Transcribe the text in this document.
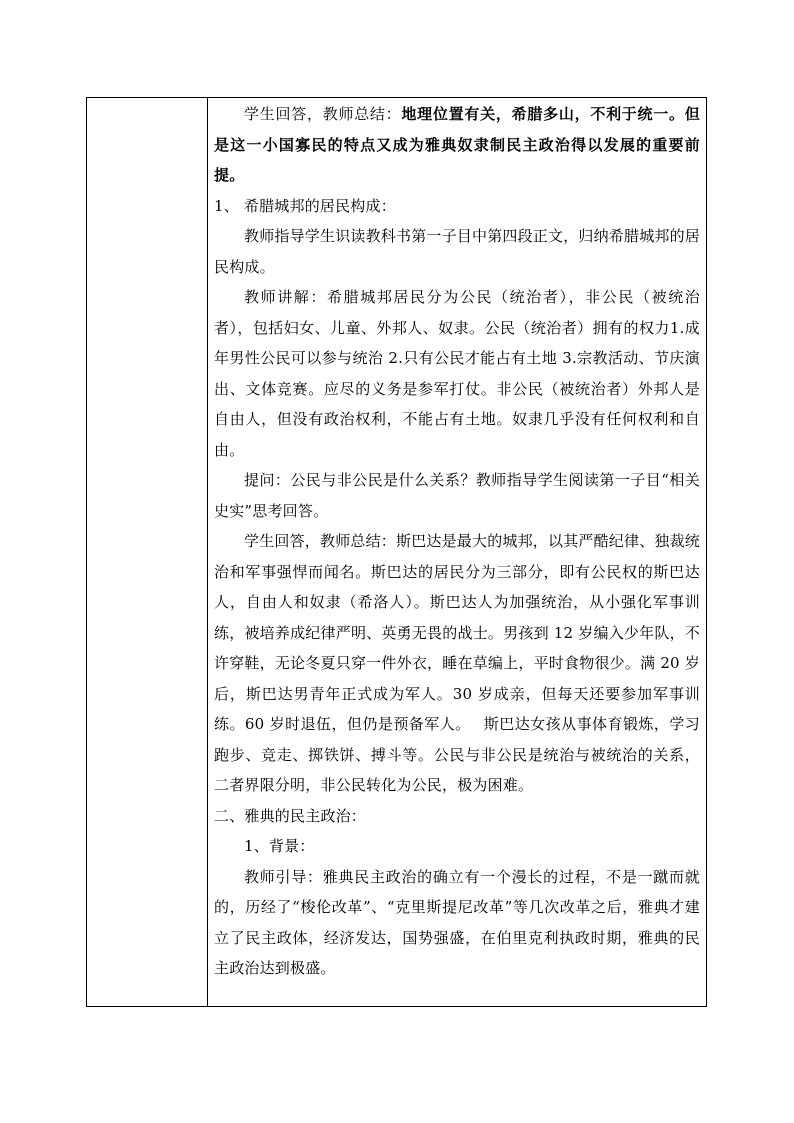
学生回答，教师总结：地理位置有关，希腊多山，不利于统一。但是这一小国寡民的特点又成为雅典奴隶制民主政治得以发展的重要前提。

1、 希腊城邦的居民构成：

教师指导学生识读教科书第一子目中第四段正文，归纳希腊城邦的居民构成。

教师讲解：希腊城邦居民分为公民（统治者），非公民（被统治者），包括妇女、儿童、外邦人、奴隶。公民（统治者）拥有的权力1.成年男性公民可以参与统治 2.只有公民才能占有土地 3.宗教活动、节庆演出、文体竞赛。应尽的义务是参军打仗。非公民（被统治者）外邦人是自由人，但没有政治权利，不能占有土地。奴隶几乎没有任何权利和自由。

提问：公民与非公民是什么关系？教师指导学生阅读第一子目“相关史实”思考回答。

学生回答，教师总结：斯巴达是最大的城邦，以其严酷纪律、独裁统治和军事强悍而闻名。斯巴达的居民分为三部分，即有公民权的斯巴达人，自由人和奴隶（希洛人）。斯巴达人为加强统治，从小强化军事训练，被培养成纪律严明、英勇无畏的战士。男孩到 12 岁编入少年队，不许穿鞋，无论冬夏只穿一件外衣，睡在草编上，平时食物很少。满 20 岁后，斯巴达男青年正式成为军人。30 岁成亲，但每天还要参加军事训练。60 岁时退伍，但仍是预备军人。　 斯巴达女孩从事体育锻炼，学习跑步、竞走、掷铁饼、搏斗等。公民与非公民是统治与被统治的关系，二者界限分明，非公民转化为公民，极为困难。

二、雅典的民主政治：

1、背景：

教师引导：雅典民主政治的确立有一个漫长的过程，不是一蹴而就的，历经了“梭伦改革”、“克里斯提尼改革”等几次改革之后，雅典才建立了民主政体，经济发达，国势强盛，在伯里克利执政时期，雅典的民主政治达到极盛。
